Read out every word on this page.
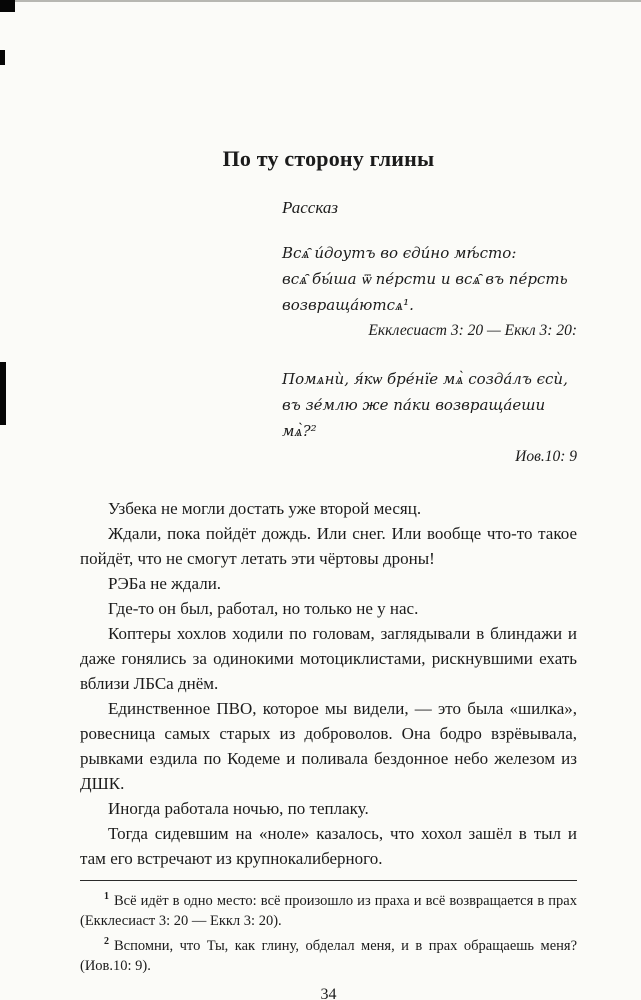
По ту сторону глины
Рассказ
Всѧ̑ и́доутъ во єди́но мѣ́сто:
всѧ̑ бы́ша ѿ пе́рсти и всѧ̑ въ пе́рсть
возвраща́ютсѧ¹.
Екклесиаст 3: 20 — Еккл 3: 20:
Помѧнѝ, я́кѡ бре́нїе мѧ̀ созда́лъ єсѝ,
въ зе́млю же па́ки возвраща́еши мѧ̀?²
Иов.10: 9

Узбека не могли достать уже второй месяц.

Ждали, пока пойдёт дождь. Или снег. Или вообще что-то такое пойдёт, что не смогут летать эти чёртовы дроны!

РЭБа не ждали.

Где-то он был, работал, но только не у нас.

Коптеры хохлов ходили по головам, заглядывали в блиндажи и даже гонялись за одинокими мотоциклистами, рискнувшими ехать вблизи ЛБСа днём.

Единственное ПВО, которое мы видели, — это была «шилка», ровесница самых старых из доброволов. Она бодро взрёвывала, рывками ездила по Кодеме и поливала бездонное небо железом из ДШК.

Иногда работала ночью, по теплаку.

Тогда сидевшим на «ноле» казалось, что хохол зашёл в тыл и там его встречают из крупнокалиберного.

$^1$ Всё идёт в одно место: всё произошло из праха и всё возвращается в прах (Екклесиаст 3: 20 — Еккл 3: 20).

$^2$ Вспомни, что Ты, как глину, обделал меня, и в прах обращаешь меня? (Иов.10: 9).

34
